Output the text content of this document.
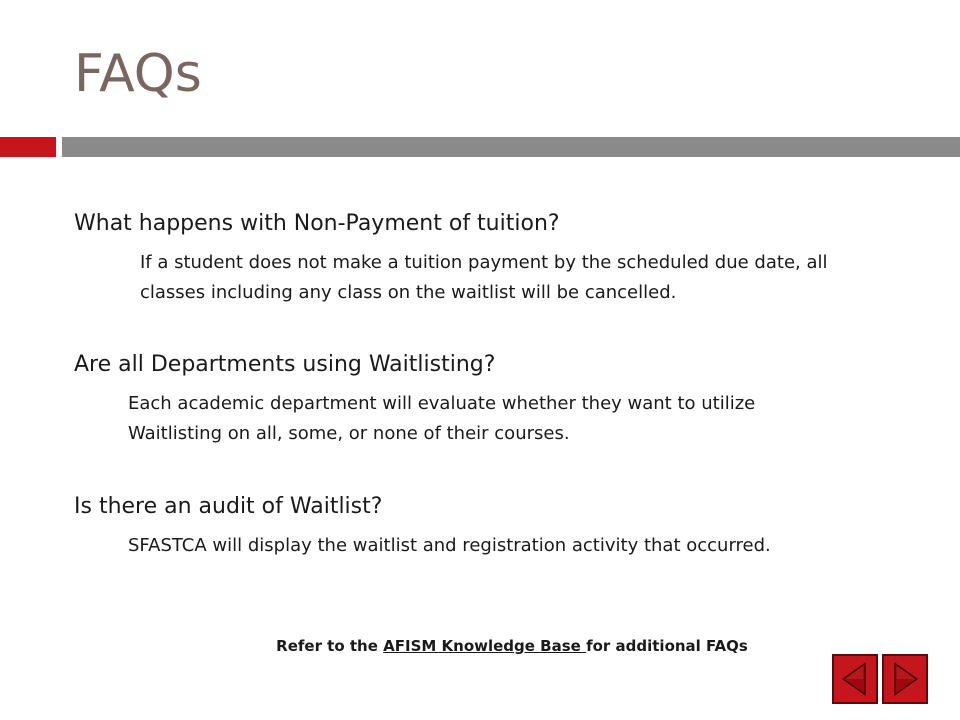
FAQs

What happens with Non-Payment of tuition?

If a student does not make a tuition payment by the scheduled due date, all
classes including any class on the waitlist will be cancelled.

Are all Departments using Waitlisting?

Each academic department will evaluate whether they want to utilize
Waitlisting on all, some, or none of their courses.

Is there an audit of Waitlist?

SFASTCA will display the waitlist and registration activity that occurred.

Refer to the AFISM Knowledge Base for additional FAQs
